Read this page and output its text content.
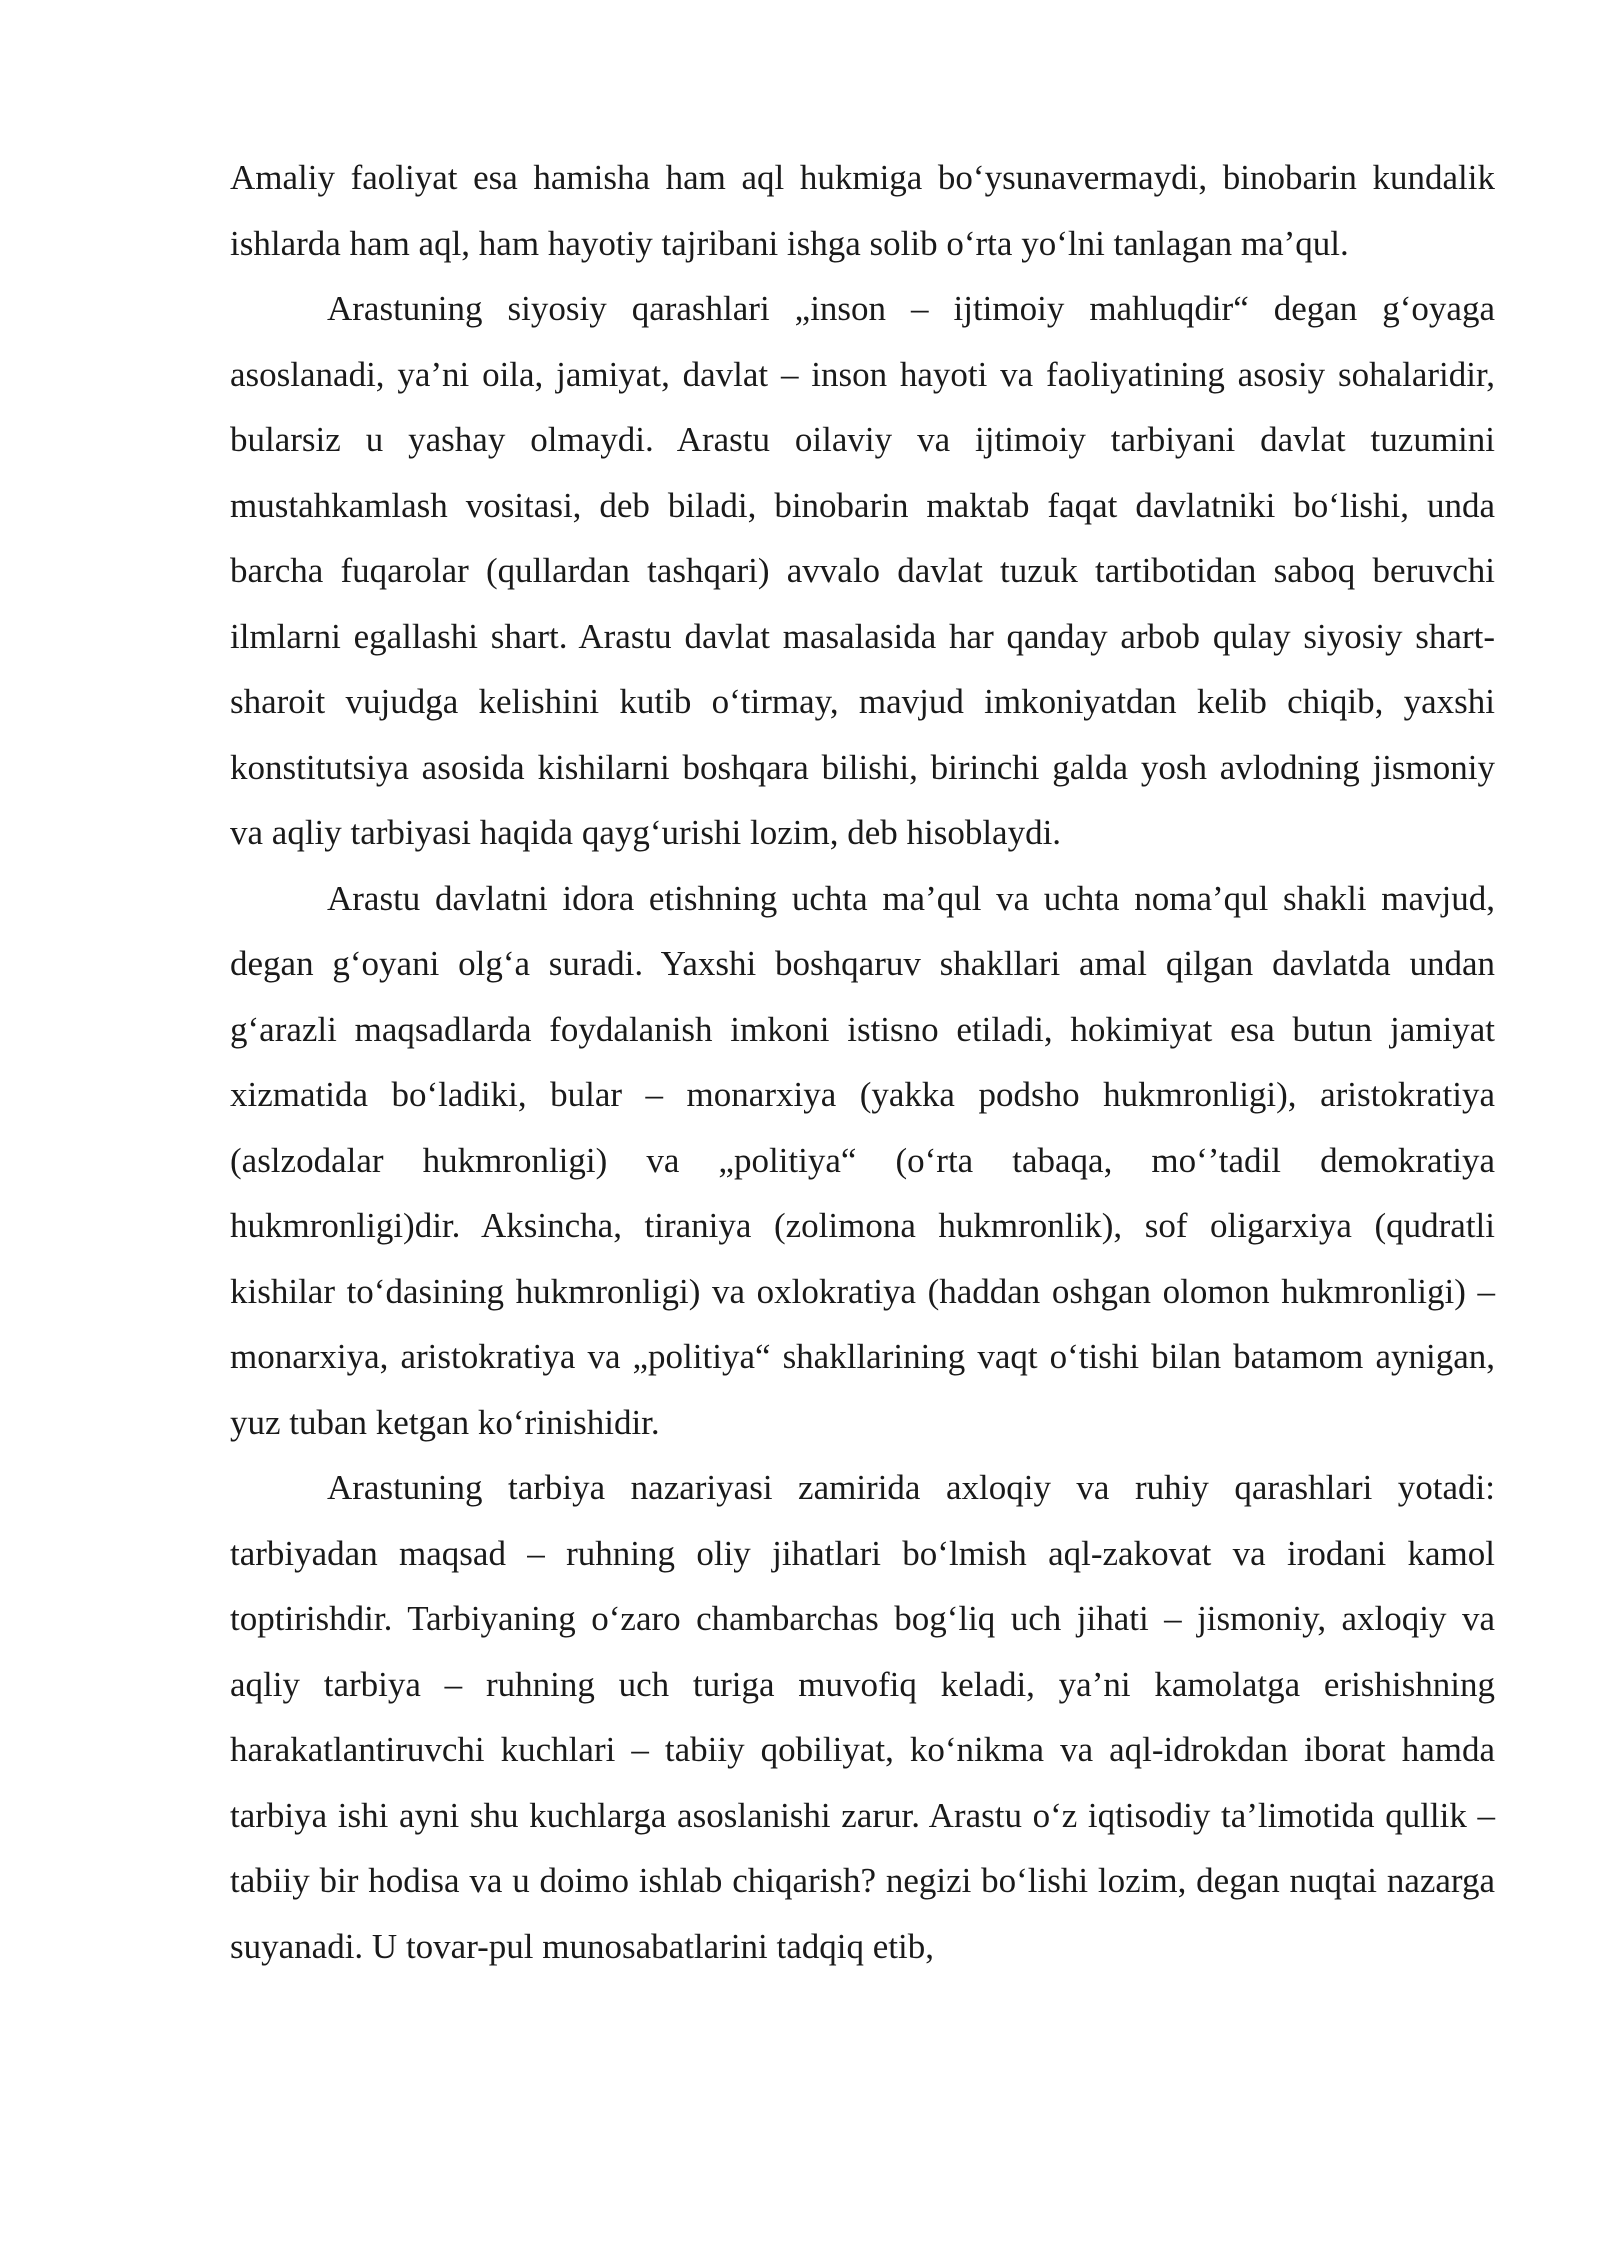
Amaliy faoliyat esa hamisha ham aql hukmiga bo‘ysunavermaydi, binobarin kundalik ishlarda ham aql, ham hayotiy tajribani ishga solib o‘rta yo‘lni tanlagan ma’qul.

Arastuning siyosiy qarashlari „inson – ijtimoiy mahluqdir“ degan g‘oyaga asoslanadi, ya’ni oila, jamiyat, davlat – inson hayoti va faoliyatining asosiy sohalaridir, bularsiz u yashay olmaydi. Arastu oilaviy va ijtimoiy tarbiyani davlat tuzumini mustahkamlash vositasi, deb biladi, binobarin maktab faqat davlatniki bo‘lishi, unda barcha fuqarolar (qullardan tashqari) avvalo davlat tuzuk tartibotidan saboq beruvchi ilmlarni egallashi shart. Arastu davlat masalasida har qanday arbob qulay siyosiy shart-sharoit vujudga kelishini kutib o‘tirmay, mavjud imkoniyatdan kelib chiqib, yaxshi konstitutsiya asosida kishilarni boshqara bilishi, birinchi galda yosh avlodning jismoniy va aqliy tarbiyasi haqida qayg‘urishi lozim, deb hisoblaydi.

Arastu davlatni idora etishning uchta ma’qul va uchta noma’qul shakli mavjud, degan g‘oyani olg‘a suradi. Yaxshi boshqaruv shakllari amal qilgan davlatda undan g‘arazli maqsadlarda foydalanish imkoni istisno etiladi, hokimiyat esa butun jamiyat xizmatida bo‘ladiki, bular – monarxiya (yakka podsho hukmronligi), aristokratiya (aslzodalar hukmronligi) va „politiya“ (o‘rta tabaqa, mo‘’tadil demokratiya hukmronligi)dir. Aksincha, tiraniya (zolimona hukmronlik), sof oligarxiya (qudratli kishilar to‘dasining hukmronligi) va oxlokratiya (haddan oshgan olomon hukmronligi) – monarxiya, aristokratiya va „politiya“ shakllarining vaqt o‘tishi bilan batamom aynigan, yuz tuban ketgan ko‘rinishidir.

Arastuning tarbiya nazariyasi zamirida axloqiy va ruhiy qarashlari yotadi: tarbiyadan maqsad – ruhning oliy jihatlari bo‘lmish aql-zakovat va irodani kamol toptirishdir. Tarbiyaning o‘zaro chambarchas bog‘liq uch jihati – jismoniy, axloqiy va aqliy tarbiya – ruhning uch turiga muvofiq keladi, ya’ni kamolatga erishishning harakatlantiruvchi kuchlari – tabiiy qobiliyat, ko‘nikma va aql-idrokdan iborat hamda tarbiya ishi ayni shu kuchlarga asoslanishi zarur. Arastu o‘z iqtisodiy ta’limotida qullik – tabiiy bir hodisa va u doimo ishlab chiqarish? negizi bo‘lishi lozim, degan nuqtai nazarga suyanadi. U tovar-pul munosabatlarini tadqiq etib,
